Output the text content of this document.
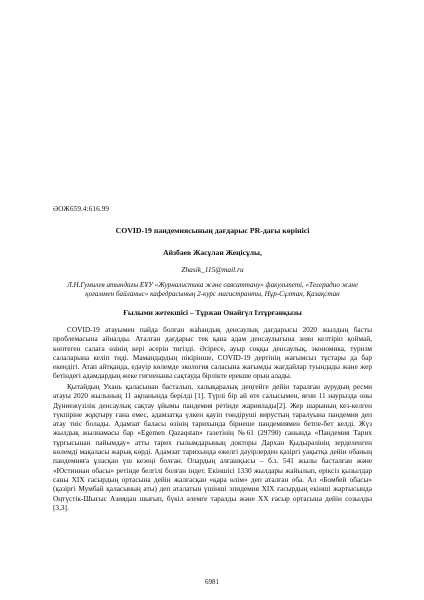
ӘОЖ659.4:616.99
COVID-19 пандемиясының дағдарыс PR-дағы көрінісі
Айзбаев Жасұлан Жеңісұлы,
Zhasik_115@mail.ru
Л.Н.Гумилев атындағы ЕҰУ «Журналистика және саясаттану» факультеті, «Телерадио және қоғаммен байланыс» кафедрасының 2-курс магистранты, Нұр-Сұлтан, Қазақстан
Ғылыми жетекшісі – Тұржан Онайгүл Ізтұрғанқызы

COVID-19 атауымен пайда болған жаһандық денсаулық дағдарысы 2020 жылдың басты проблемасына айналды. Аталған дағдарыс тек қана адам денсаулығына зиян келтіріп қоймай, көптеген салаға өзінің кері әсерін тигізді. Әсіресе, ауыр соққы денсаулық, экономика, туризм салаларына келіп тиді. Мамандардың пікірінше, COVID-19 дертінің жағымсыз тұстары да бар екендігі. Атап айтқанда, едәуір көлемде экология саласына жағымды жағдайлар туындады және жер бетіндегі адамдардың жеке гигиенаны сақтауда бірлікте ерекше орын алады.

Қытайдың Ухань қаласынан басталып, халықаралық деңгейге дейін таралған аурудың ресми атауы 2020 жылының 11 ақпанында берілді [1]. Түрлі бір ай өте салысымен, яғни 11 наурызда оны Дүниежүзілік денсаулық сақтау ұйымы пандемия ретінде жариялады[2]. Жер шарының кез-келген түкпіріне жұқтыру ғана емес, адамзатқа үлкен қауіп төндіруші вирустың таралуына пандемия деп атау тиіс болады. Адамзат баласы өзінің тарихында бірнеше пандемиямен бетпе-бет келді. Жүз жылдық жылнамасы бар «Egemen Qazaqstan» газетінің №61 (29790) санында «Пандемия Тарих тұрғысынан пайымдау» атты тарих ғылымдарының докторы Дархан Қыдырәлінің зерделенген көлемді мақаласы жарық көрді. Адамзат тарихында ежелгі дәуірлерден қазіргі уақытқа дейін обаның пандемияға ұласқан үш кезеңі болған. Олардың алғашқысы – б.з. 541 жылы басталған және «Юстиниан обасы» ретінде белгілі болған індет. Екіншісі 1330 жылдары жайылып, еріксіз қызылдар саны XIX ғасырдың ортасына дейін жалғасқан «қара өлім» деп аталған оба. Ал «Бомбей обасы» (қазіргі Мумбай қаласының аты) деп аталатын үшінші эпидемия XIX ғасырдың екінші жартысында Оңтүстік-Шығыс Азиядан шығып, бүкіл әлемге таралды және ХХ ғасыр ортасына дейін созылды [3,3].

6981
